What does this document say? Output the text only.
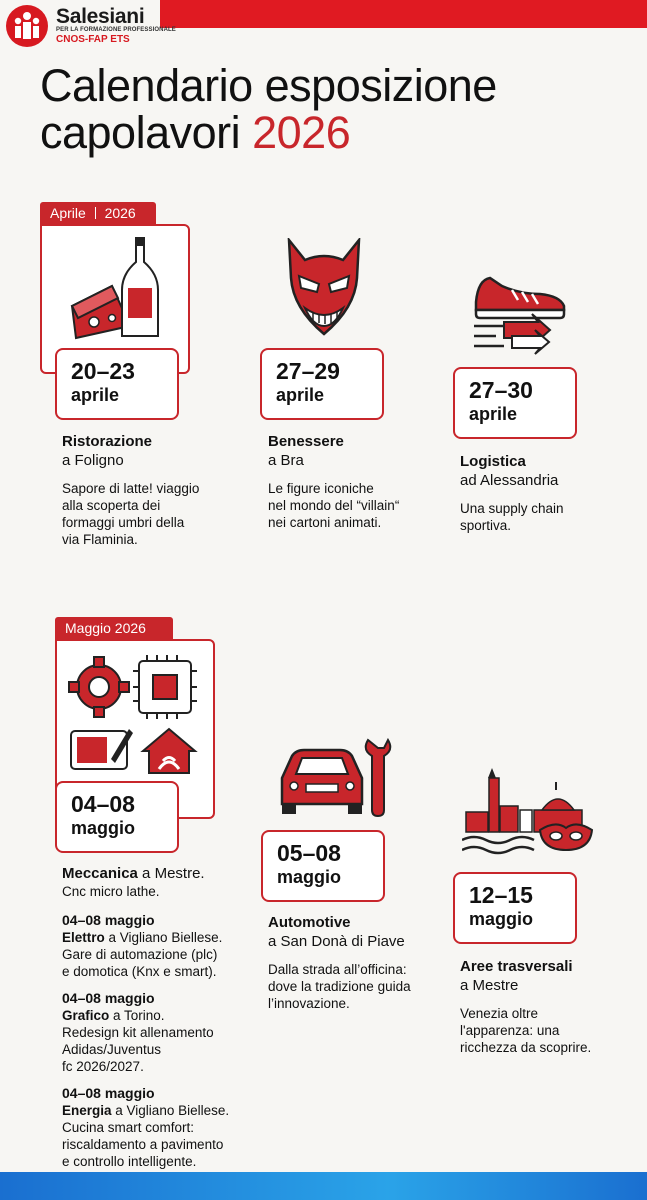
Salesiani
PER LA FORMAZIONE PROFESSIONALE
CNOS-FAP ETS
Calendario esposizione
capolavori 2026
Aprile 2026
20–23
aprile
Ristorazione
a Foligno
Sapore di latte! viaggio
alla scoperta dei
formaggi umbri della
via Flaminia.
27–29
aprile
Benessere
a Bra
Le figure iconiche
nel mondo del “villain“
nei cartoni animati.
27–30
aprile
Logistica
ad Alessandria
Una supply chain
sportiva.
Maggio 2026
04–08
maggio
Meccanica a Mestre.
Cnc micro lathe.
04–08 maggio
Elettro a Vigliano Biellese.
Gare di automazione (plc)
e domotica (Knx e smart).
04–08 maggio
Grafico a Torino.
Redesign kit allenamento
Adidas/Juventus
fc 2026/2027.
04–08 maggio
Energia a Vigliano Biellese.
Cucina smart comfort:
riscaldamento a pavimento
e controllo intelligente.
05–08
maggio
Automotive
a San Donà di Piave
Dalla strada all’officina:
dove la tradizione guida
l’innovazione.
12–15
maggio
Aree trasversali
a Mestre
Venezia oltre
l'apparenza: una
ricchezza da scoprire.
